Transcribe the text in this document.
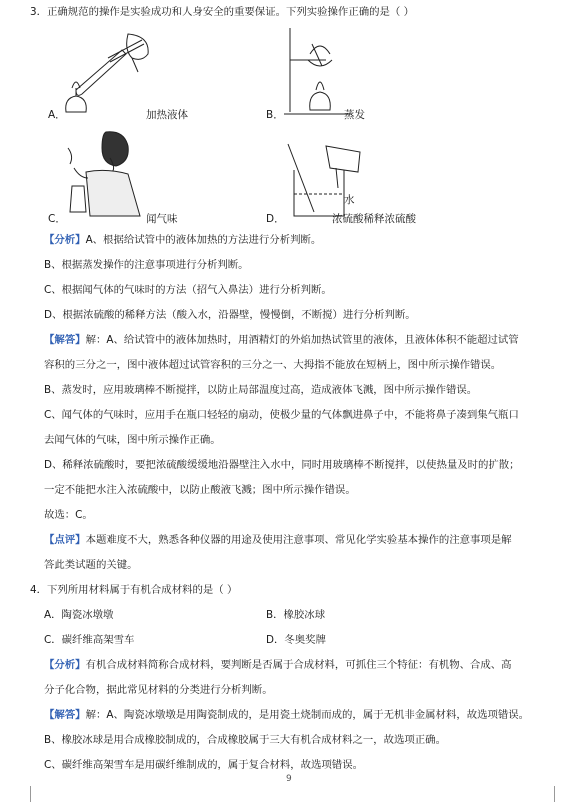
3．正确规范的操作是实验成功和人身安全的重要保证。下列实验操作正确的是（ ）
A．	加热液体	B．	蒸发
C．	闻气味
水
D．	浓硫酸稀释浓硫酸
【分析】A、根据给试管中的液体加热的方法进行分析判断。
B、根据蒸发操作的注意事项进行分析判断。
C、根据闻气体的气味时的方法（招气入鼻法）进行分析判断。
D、根据浓硫酸的稀释方法（酸入水，沿器壁，慢慢倒，不断搅）进行分析判断。
【解答】解：A、给试管中的液体加热时，用酒精灯的外焰加热试管里的液体，且液体体积不能超过试管
容积的三分之一，图中液体超过试管容积的三分之一、大拇指不能放在短柄上，图中所示操作错误。
B、蒸发时，应用玻璃棒不断搅拌，以防止局部温度过高，造成液体飞溅，图中所示操作错误。
C、闻气体的气味时，应用手在瓶口轻轻的扇动，使极少量的气体飘进鼻子中，不能将鼻子凑到集气瓶口
去闻气体的气味，图中所示操作正确。
D、稀释浓硫酸时，要把浓硫酸缓缓地沿器壁注入水中，同时用玻璃棒不断搅拌，以使热量及时的扩散；
一定不能把水注入浓硫酸中，以防止酸液飞溅；图中所示操作错误。
故选：C。
【点评】本题难度不大，熟悉各种仪器的用途及使用注意事项、常见化学实验基本操作的注意事项是解
答此类试题的关键。
4．下列所用材料属于有机合成材料的是（ ）
A．陶瓷冰墩墩	B．橡胶冰球
C．碳纤维高架雪车	D．冬奥奖牌
【分析】有机合成材料简称合成材料，要判断是否属于合成材料，可抓住三个特征：有机物、合成、高
分子化合物，据此常见材料的分类进行分析判断。
【解答】解：A、陶瓷冰墩墩是用陶瓷制成的，是用瓷土烧制而成的，属于无机非金属材料，故选项错误。
B、橡胶冰球是用合成橡胶制成的，合成橡胶属于三大有机合成材料之一，故选项正确。
C、碳纤维高架雪车是用碳纤维制成的，属于复合材料，故选项错误。
9
